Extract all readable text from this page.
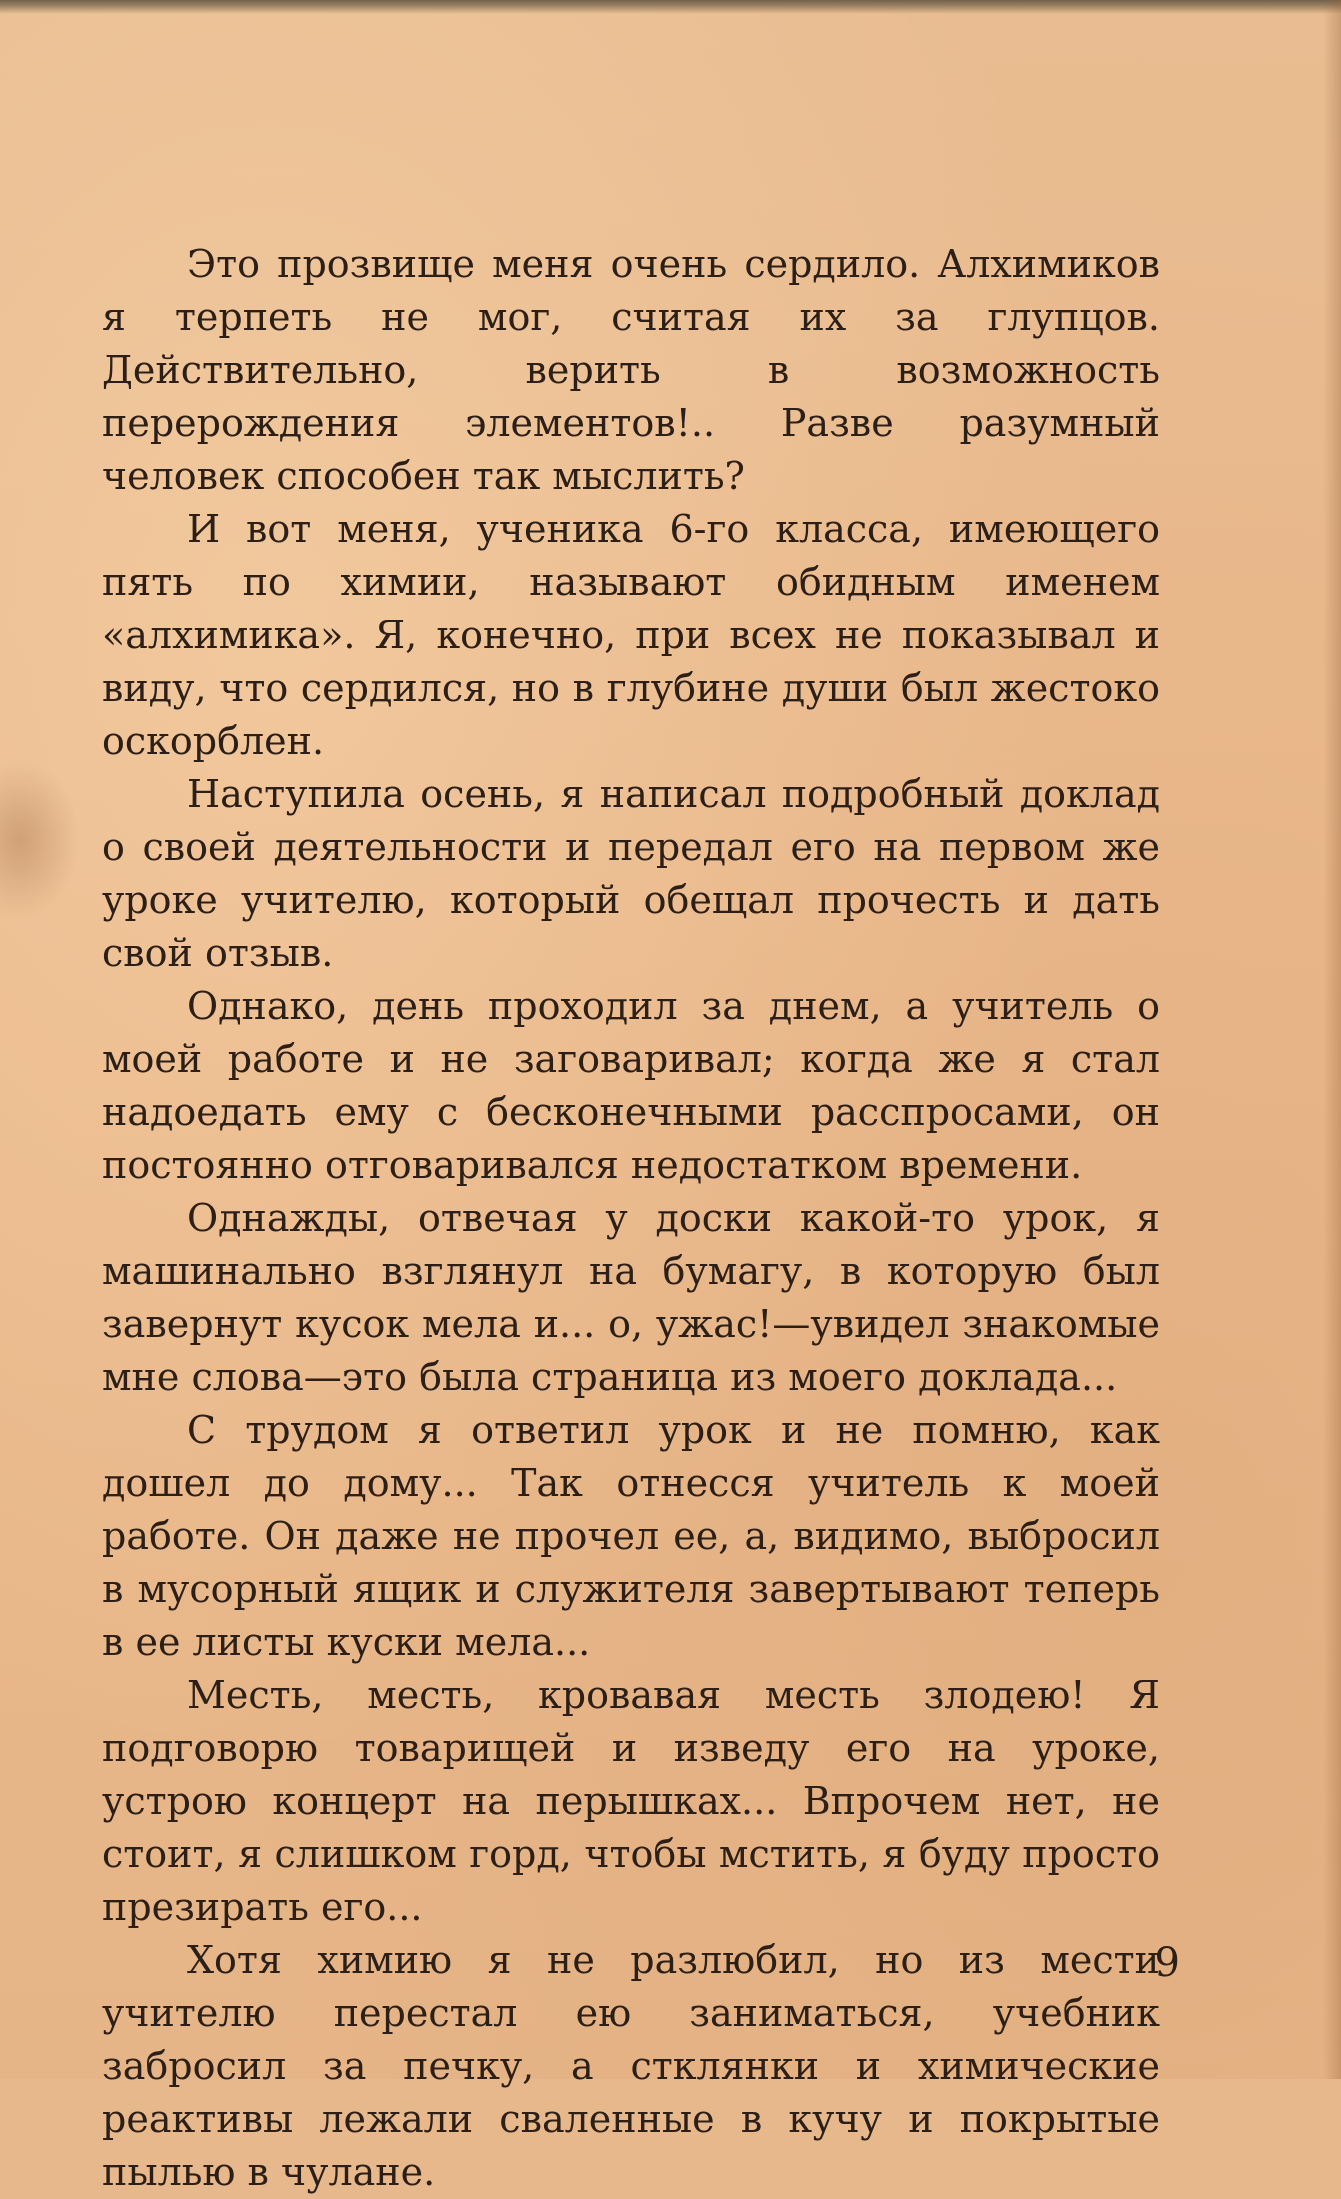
Это прозвище меня очень сердило. Алхимиков я терпеть не мог, считая их за глупцов. Действительно, верить в возможность перерождения элементов!.. Разве разумный человек способен так мыслить?

И вот меня, ученика 6-го класса, имеющего пять по химии, называют обидным именем «алхимика». Я, конечно, при всех не показывал и виду, что сердился, но в глубине души был жестоко оскорблен.

Наступила осень, я написал подробный доклад о своей деятельности и передал его на первом же уроке учителю, который обещал прочесть и дать свой отзыв.

Однако, день проходил за днем, а учитель о моей работе и не заговаривал; когда же я стал надоедать ему с бесконечными расспросами, он постоянно отговаривался недостатком времени.

Однажды, отвечая у доски какой-то урок, я машинально взглянул на бумагу, в которую был завернут кусок мела и... о, ужас!—увидел знакомые мне слова—это была страница из моего доклада...

С трудом я ответил урок и не помню, как дошел до дому... Так отнесся учитель к моей работе. Он даже не прочел ее, а, видимо, выбросил в мусорный ящик и служителя завертывают теперь в ее листы куски мела...

Месть, месть, кровавая месть злодею! Я подговорю товарищей и изведу его на уроке, устрою концерт на перышках... Впрочем нет, не стоит, я слишком горд, чтобы мстить, я буду просто презирать его...

Хотя химию я не разлюбил, но из мести учителю перестал ею заниматься, учебник забросил за печку, а стклянки и химические реактивы лежали сваленные в кучу и покрытые пылью в чулане.

9
